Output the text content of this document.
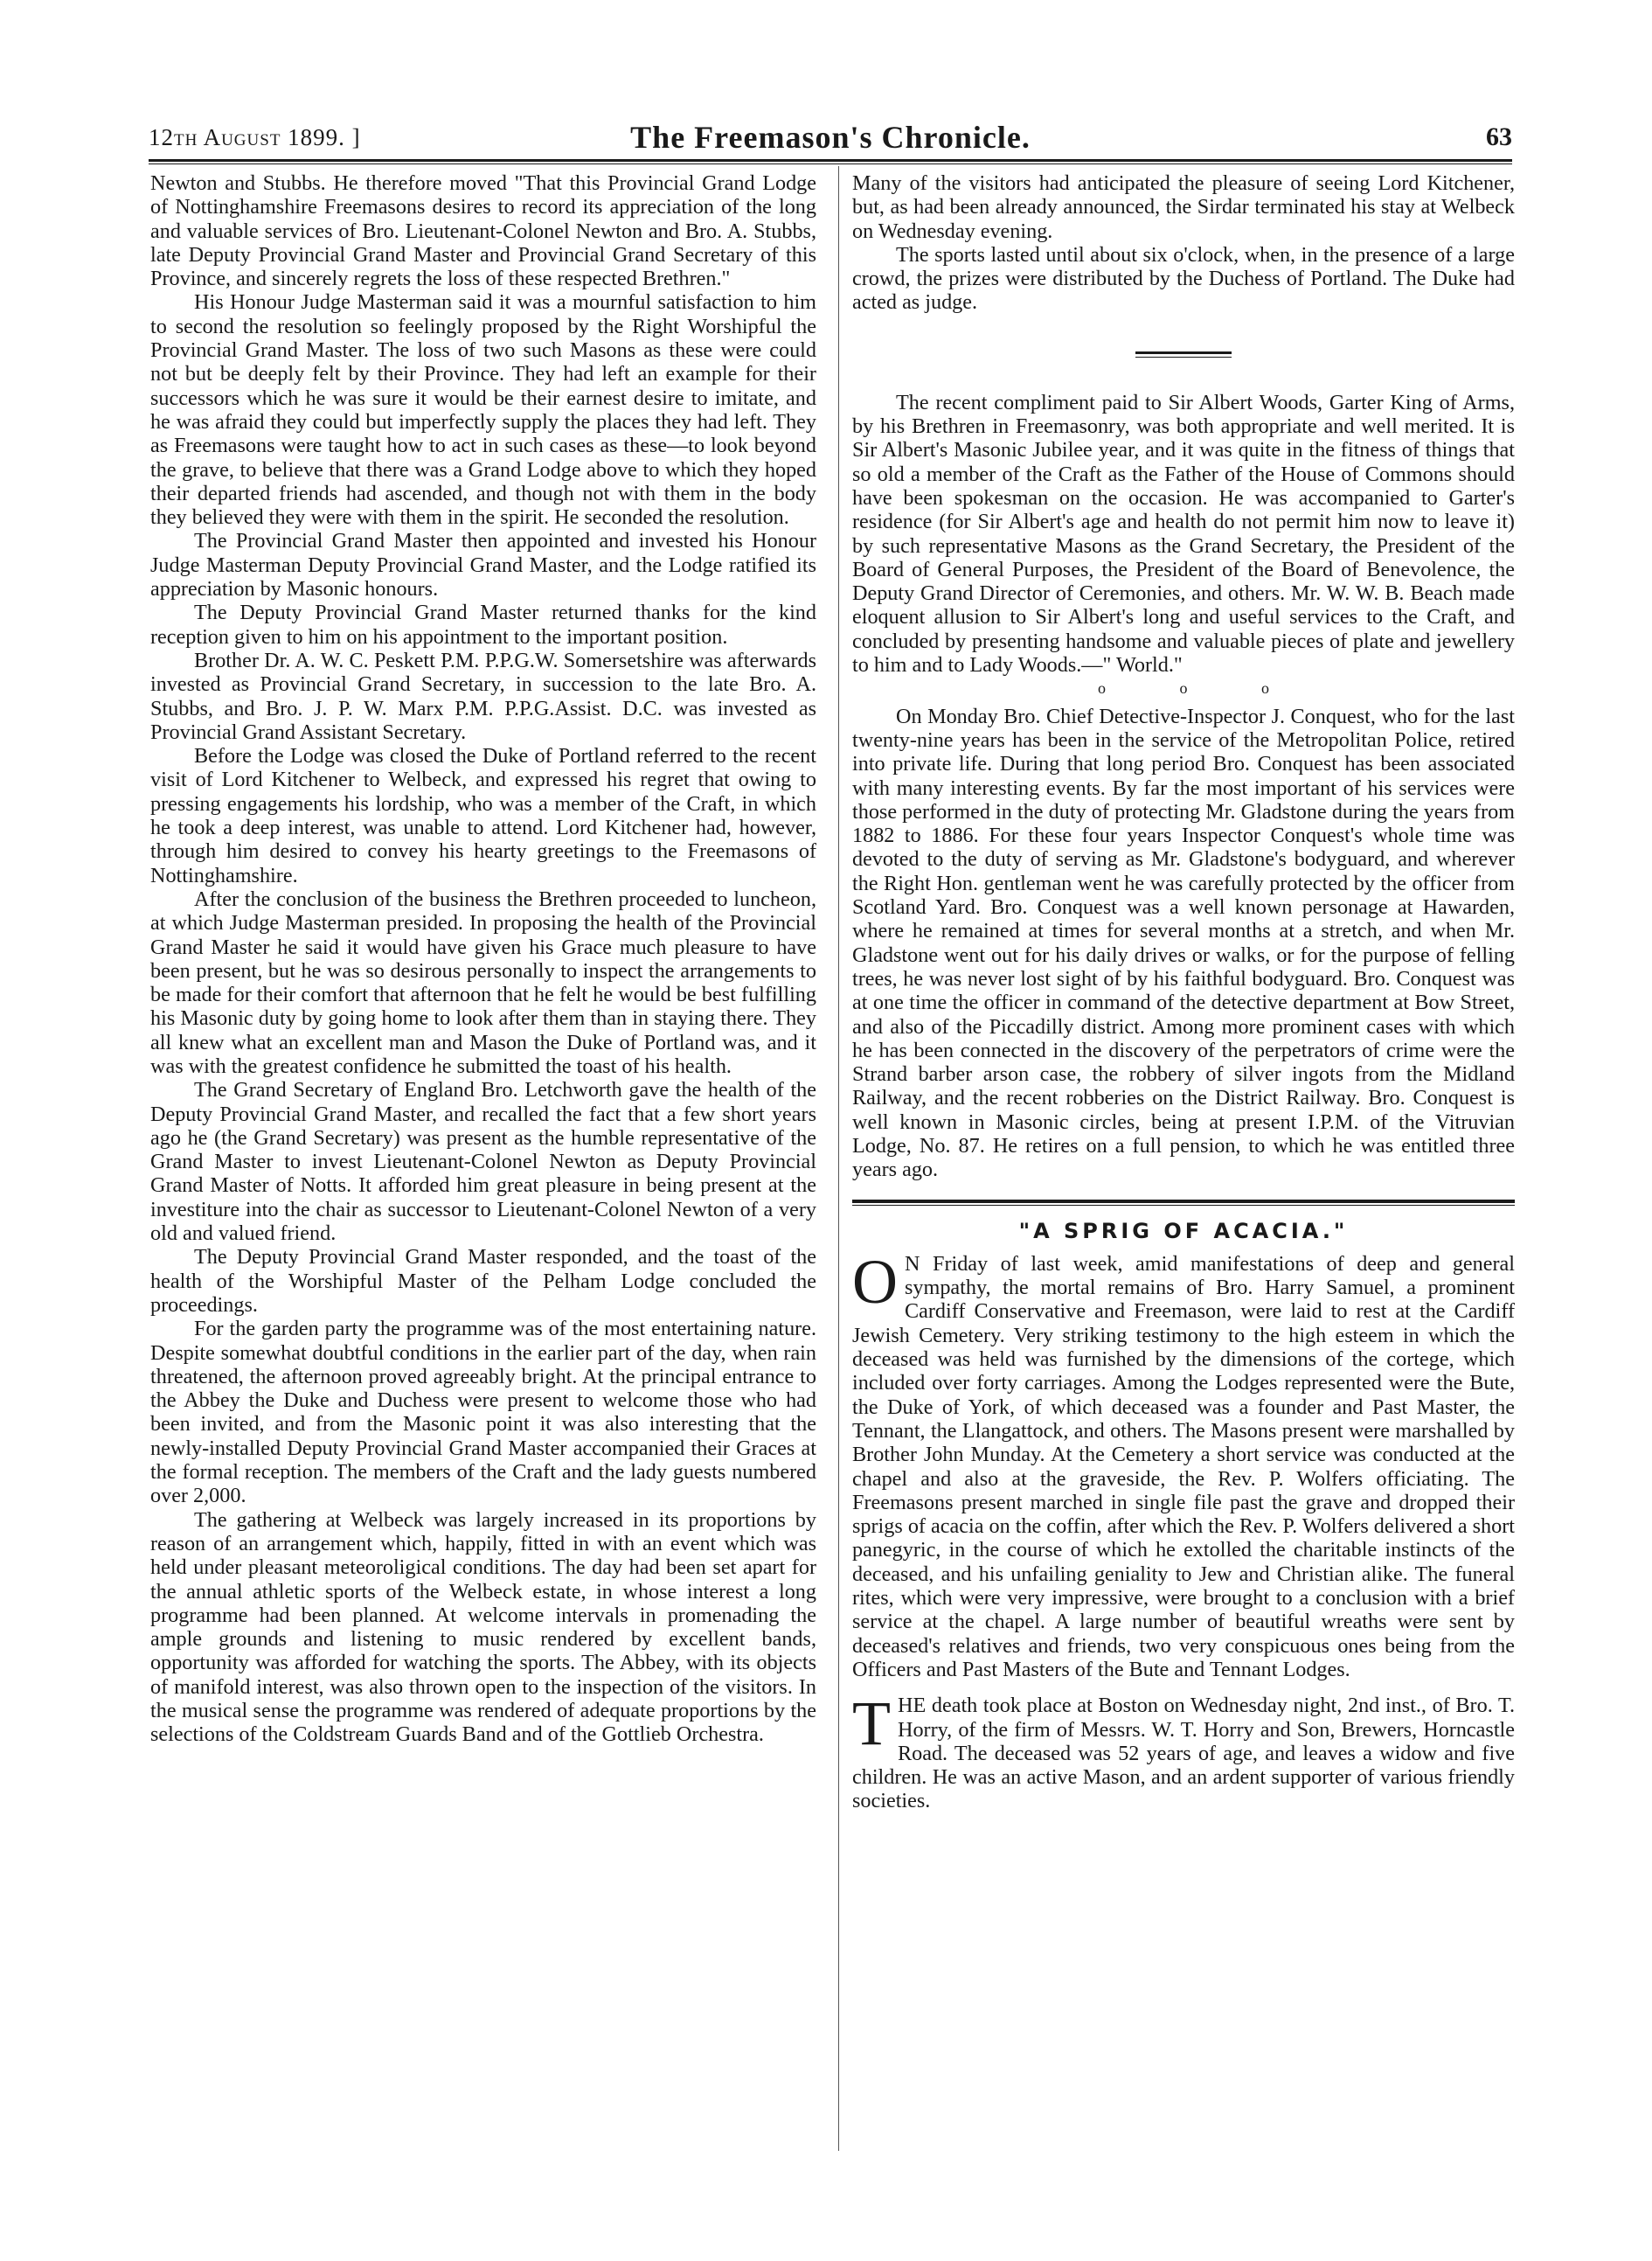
12th August 1899. ]	The Freemason's Chronicle.	63

Newton and Stubbs. He therefore moved "That this Provincial Grand Lodge of Nottinghamshire Freemasons desires to record its appreciation of the long and valuable services of Bro. Lieutenant-Colonel Newton and Bro. A. Stubbs, late Deputy Provincial Grand Master and Provincial Grand Secretary of this Province, and sincerely regrets the loss of these respected Brethren."

His Honour Judge Masterman said it was a mournful satisfaction to him to second the resolution so feelingly proposed by the Right Worshipful the Provincial Grand Master. The loss of two such Masons as these were could not but be deeply felt by their Province. They had left an example for their successors which he was sure it would be their earnest desire to imitate, and he was afraid they could but imperfectly supply the places they had left. They as Freemasons were taught how to act in such cases as these—to look beyond the grave, to believe that there was a Grand Lodge above to which they hoped their departed friends had ascended, and though not with them in the body they believed they were with them in the spirit. He seconded the resolution.

The Provincial Grand Master then appointed and invested his Honour Judge Masterman Deputy Provincial Grand Master, and the Lodge ratified its appreciation by Masonic honours.

The Deputy Provincial Grand Master returned thanks for the kind reception given to him on his appointment to the important position.

Brother Dr. A. W. C. Peskett P.M. P.P.G.W. Somersetshire was afterwards invested as Provincial Grand Secretary, in succession to the late Bro. A. Stubbs, and Bro. J. P. W. Marx P.M. P.P.G.Assist. D.C. was invested as Provincial Grand Assistant Secretary.

Before the Lodge was closed the Duke of Portland referred to the recent visit of Lord Kitchener to Welbeck, and expressed his regret that owing to pressing engagements his lordship, who was a member of the Craft, in which he took a deep interest, was unable to attend. Lord Kitchener had, however, through him desired to convey his hearty greetings to the Freemasons of Nottinghamshire.

After the conclusion of the business the Brethren proceeded to luncheon, at which Judge Masterman presided. In proposing the health of the Provincial Grand Master he said it would have given his Grace much pleasure to have been present, but he was so desirous personally to inspect the arrangements to be made for their comfort that afternoon that he felt he would be best fulfilling his Masonic duty by going home to look after them than in staying there. They all knew what an excellent man and Mason the Duke of Portland was, and it was with the greatest confidence he submitted the toast of his health.

The Grand Secretary of England Bro. Letchworth gave the health of the Deputy Provincial Grand Master, and recalled the fact that a few short years ago he (the Grand Secretary) was present as the humble representative of the Grand Master to invest Lieutenant-Colonel Newton as Deputy Provincial Grand Master of Notts. It afforded him great pleasure in being present at the investiture into the chair as successor to Lieutenant-Colonel Newton of a very old and valued friend.

The Deputy Provincial Grand Master responded, and the toast of the health of the Worshipful Master of the Pelham Lodge concluded the proceedings.

For the garden party the programme was of the most entertaining nature. Despite somewhat doubtful conditions in the earlier part of the day, when rain threatened, the afternoon proved agreeably bright. At the principal entrance to the Abbey the Duke and Duchess were present to welcome those who had been invited, and from the Masonic point it was also interesting that the newly-installed Deputy Provincial Grand Master accompanied their Graces at the formal reception. The members of the Craft and the lady guests numbered over 2,000.

The gathering at Welbeck was largely increased in its proportions by reason of an arrangement which, happily, fitted in with an event which was held under pleasant meteoroligical conditions. The day had been set apart for the annual athletic sports of the Welbeck estate, in whose interest a long programme had been planned. At welcome intervals in promenading the ample grounds and listening to music rendered by excellent bands, opportunity was afforded for watching the sports. The Abbey, with its objects of manifold interest, was also thrown open to the inspection of the visitors. In the musical sense the programme was rendered of adequate proportions by the selections of the Coldstream Guards Band and of the Gottlieb Orchestra.

Many of the visitors had anticipated the pleasure of seeing Lord Kitchener, but, as had been already announced, the Sirdar terminated his stay at Welbeck on Wednesday evening.

The sports lasted until about six o'clock, when, in the presence of a large crowd, the prizes were distributed by the Duchess of Portland. The Duke had acted as judge.

The recent compliment paid to Sir Albert Woods, Garter King of Arms, by his Brethren in Freemasonry, was both appropriate and well merited. It is Sir Albert's Masonic Jubilee year, and it was quite in the fitness of things that so old a member of the Craft as the Father of the House of Commons should have been spokesman on the occasion. He was accompanied to Garter's residence (for Sir Albert's age and health do not permit him now to leave it) by such representative Masons as the Grand Secretary, the President of the Board of General Purposes, the President of the Board of Benevolence, the Deputy Grand Director of Ceremonies, and others. Mr. W. W. B. Beach made eloquent allusion to Sir Albert's long and useful services to the Craft, and concluded by presenting handsome and valuable pieces of plate and jewellery to him and to Lady Woods.—" World."

o o o

On Monday Bro. Chief Detective-Inspector J. Conquest, who for the last twenty-nine years has been in the service of the Metropolitan Police, retired into private life. During that long period Bro. Conquest has been associated with many interesting events. By far the most important of his services were those performed in the duty of protecting Mr. Gladstone during the years from 1882 to 1886. For these four years Inspector Conquest's whole time was devoted to the duty of serving as Mr. Gladstone's bodyguard, and wherever the Right Hon. gentleman went he was carefully protected by the officer from Scotland Yard. Bro. Conquest was a well known personage at Hawarden, where he remained at times for several months at a stretch, and when Mr. Gladstone went out for his daily drives or walks, or for the purpose of felling trees, he was never lost sight of by his faithful bodyguard. Bro. Conquest was at one time the officer in command of the detective department at Bow Street, and also of the Piccadilly district. Among more prominent cases with which he has been connected in the discovery of the perpetrators of crime were the Strand barber arson case, the robbery of silver ingots from the Midland Railway, and the recent robberies on the District Railway. Bro. Conquest is well known in Masonic circles, being at present I.P.M. of the Vitruvian Lodge, No. 87. He retires on a full pension, to which he was entitled three years ago.

"A SPRIG OF ACACIA."

O N Friday of last week, amid manifestations of deep and general sympathy, the mortal remains of Bro. Harry Samuel, a prominent Cardiff Conservative and Freemason, were laid to rest at the Cardiff Jewish Cemetery. Very striking testimony to the high esteem in which the deceased was held was furnished by the dimensions of the cortege, which included over forty carriages. Among the Lodges represented were the Bute, the Duke of York, of which deceased was a founder and Past Master, the Tennant, the Llangattock, and others. The Masons present were marshalled by Brother John Munday. At the Cemetery a short service was conducted at the chapel and also at the graveside, the Rev. P. Wolfers officiating. The Freemasons present marched in single file past the grave and dropped their sprigs of acacia on the coffin, after which the Rev. P. Wolfers delivered a short panegyric, in the course of which he extolled the charitable instincts of the deceased, and his unfailing geniality to Jew and Christian alike. The funeral rites, which were very impressive, were brought to a conclusion with a brief service at the chapel. A large number of beautiful wreaths were sent by deceased's relatives and friends, two very conspicuous ones being from the Officers and Past Masters of the Bute and Tennant Lodges.

THE death took place at Boston on Wednesday night, 2nd inst., of Bro. T. Horry, of the firm of Messrs. W. T. Horry and Son, Brewers, Horncastle Road. The deceased was 52 years of age, and leaves a widow and five children. He was an active Mason, and an ardent supporter of various friendly societies.
